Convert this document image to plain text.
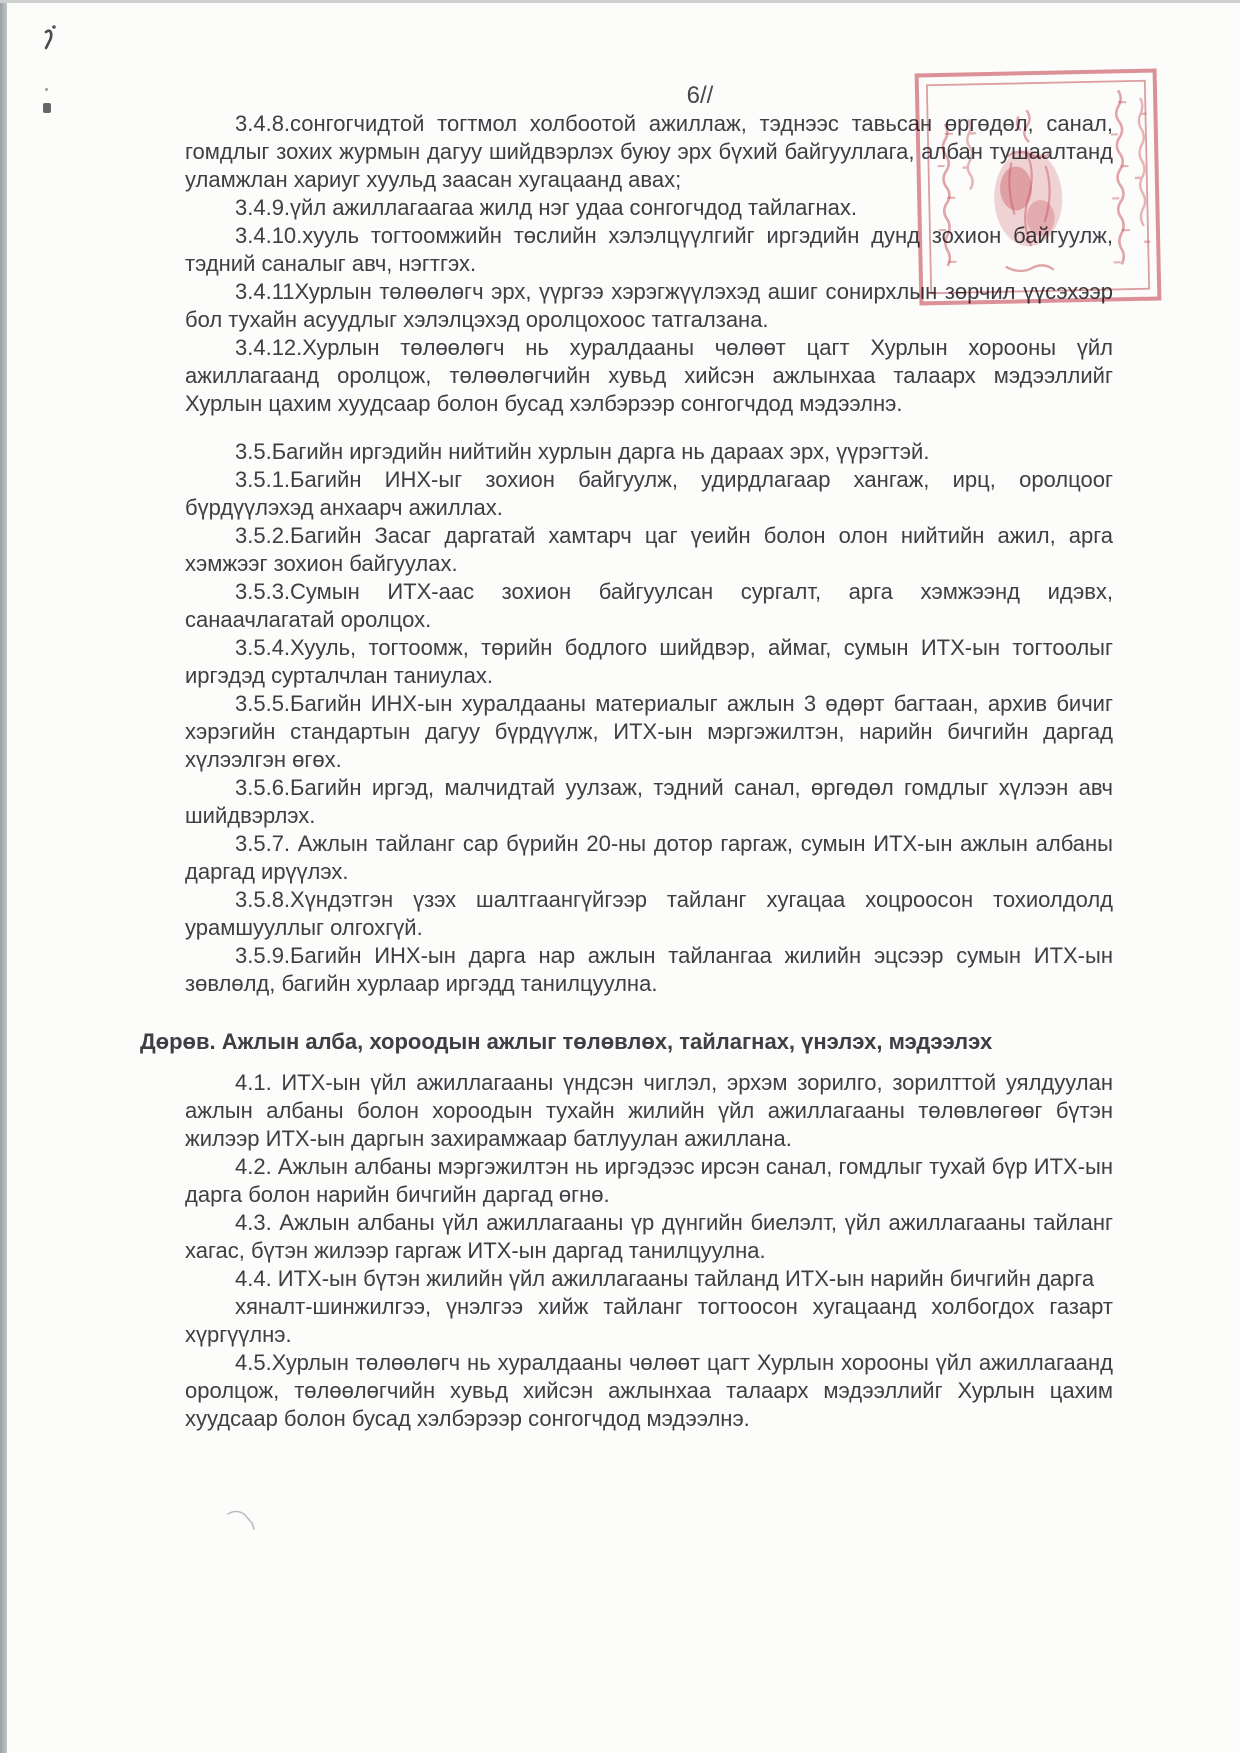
6//

3.4.8.сонгогчидтой тогтмол холбоотой ажиллаж, тэднээс тавьсан өргөдөл, санал, гомдлыг зохих журмын дагуу шийдвэрлэх буюу эрх бүхий байгууллага, албан тушаалтанд уламжлан хариуг хуульд заасан хугацаанд авах;

3.4.9.үйл ажиллагаагаа жилд нэг удаа сонгогчдод тайлагнах.

3.4.10.хууль тогтоомжийн төслийн хэлэлцүүлгийг иргэдийн дунд зохион байгуулж, тэдний саналыг авч, нэгтгэх.

3.4.11Хурлын төлөөлөгч эрх, үүргээ хэрэгжүүлэхэд ашиг сонирхлын зөрчил үүсэхээр бол тухайн асуудлыг хэлэлцэхэд оролцохоос татгалзана.

3.4.12.Хурлын төлөөлөгч нь хуралдааны чөлөөт цагт Хурлын хорооны үйл ажиллагаанд оролцож, төлөөлөгчийн хувьд хийсэн ажлынхаа талаарх мэдээллийг Хурлын цахим хуудсаар болон бусад хэлбэрээр сонгогчдод мэдээлнэ.

3.5.Багийн иргэдийн нийтийн хурлын дарга нь дараах эрх, үүрэгтэй.

3.5.1.Багийн ИНХ-ыг зохион байгуулж, удирдлагаар хангаж, ирц, оролцоог бүрдүүлэхэд анхаарч ажиллах.

3.5.2.Багийн Засаг даргатай хамтарч цаг үеийн болон олон нийтийн ажил, арга хэмжээг зохион байгуулах.

3.5.3.Сумын ИТХ-аас зохион байгуулсан сургалт, арга хэмжээнд идэвх, санаачлагатай оролцох.

3.5.4.Хууль, тогтоомж, төрийн бодлого шийдвэр, аймаг, сумын ИТХ-ын тогтоолыг иргэдэд сурталчлан таниулах.

3.5.5.Багийн ИНХ-ын хуралдааны материалыг ажлын 3 өдөрт багтаан, архив бичиг хэрэгийн стандартын дагуу бүрдүүлж, ИТХ-ын мэргэжилтэн, нарийн бичгийн даргад хүлээлгэн өгөх.

3.5.6.Багийн иргэд, малчидтай уулзаж, тэдний санал, өргөдөл гомдлыг хүлээн авч шийдвэрлэх.

3.5.7. Ажлын тайланг сар бүрийн 20-ны дотор гаргаж, сумын ИТХ-ын ажлын албаны даргад ирүүлэх.

3.5.8.Хүндэтгэн үзэх шалтгаангүйгээр тайланг хугацаа хоцроосон тохиолдолд урамшууллыг олгохгүй.

3.5.9.Багийн ИНХ-ын дарга нар ажлын тайлангаа жилийн эцсээр сумын ИТХ-ын зөвлөлд, багийн хурлаар иргэдд танилцуулна.

Дөрөв. Ажлын алба, хороодын ажлыг төлөвлөх, тайлагнах, үнэлэх, мэдээлэх

4.1. ИТХ-ын үйл ажиллагааны үндсэн чиглэл, эрхэм зорилго, зорилттой уялдуулан ажлын албаны болон хороодын тухайн жилийн үйл ажиллагааны төлөвлөгөөг бүтэн жилээр ИТХ-ын даргын захирамжаар батлуулан ажиллана.

4.2. Ажлын албаны мэргэжилтэн нь иргэдээс ирсэн санал, гомдлыг тухай бүр ИТХ-ын дарга болон нарийн бичгийн даргад өгнө.

4.3. Ажлын албаны үйл ажиллагааны үр дүнгийн биелэлт, үйл ажиллагааны тайланг хагас, бүтэн жилээр гаргаж ИТХ-ын даргад танилцуулна.

4.4. ИТХ-ын бүтэн жилийн үйл ажиллагааны тайланд ИТХ-ын нарийн бичгийн дарга

хяналт-шинжилгээ, үнэлгээ хийж тайланг тогтоосон хугацаанд холбогдох газарт хүргүүлнэ.

4.5.Хурлын төлөөлөгч нь хуралдааны чөлөөт цагт Хурлын хорооны үйл ажиллагаанд оролцож, төлөөлөгчийн хувьд хийсэн ажлынхаа талаарх мэдээллийг Хурлын цахим хуудсаар болон бусад хэлбэрээр сонгогчдод мэдээлнэ.
